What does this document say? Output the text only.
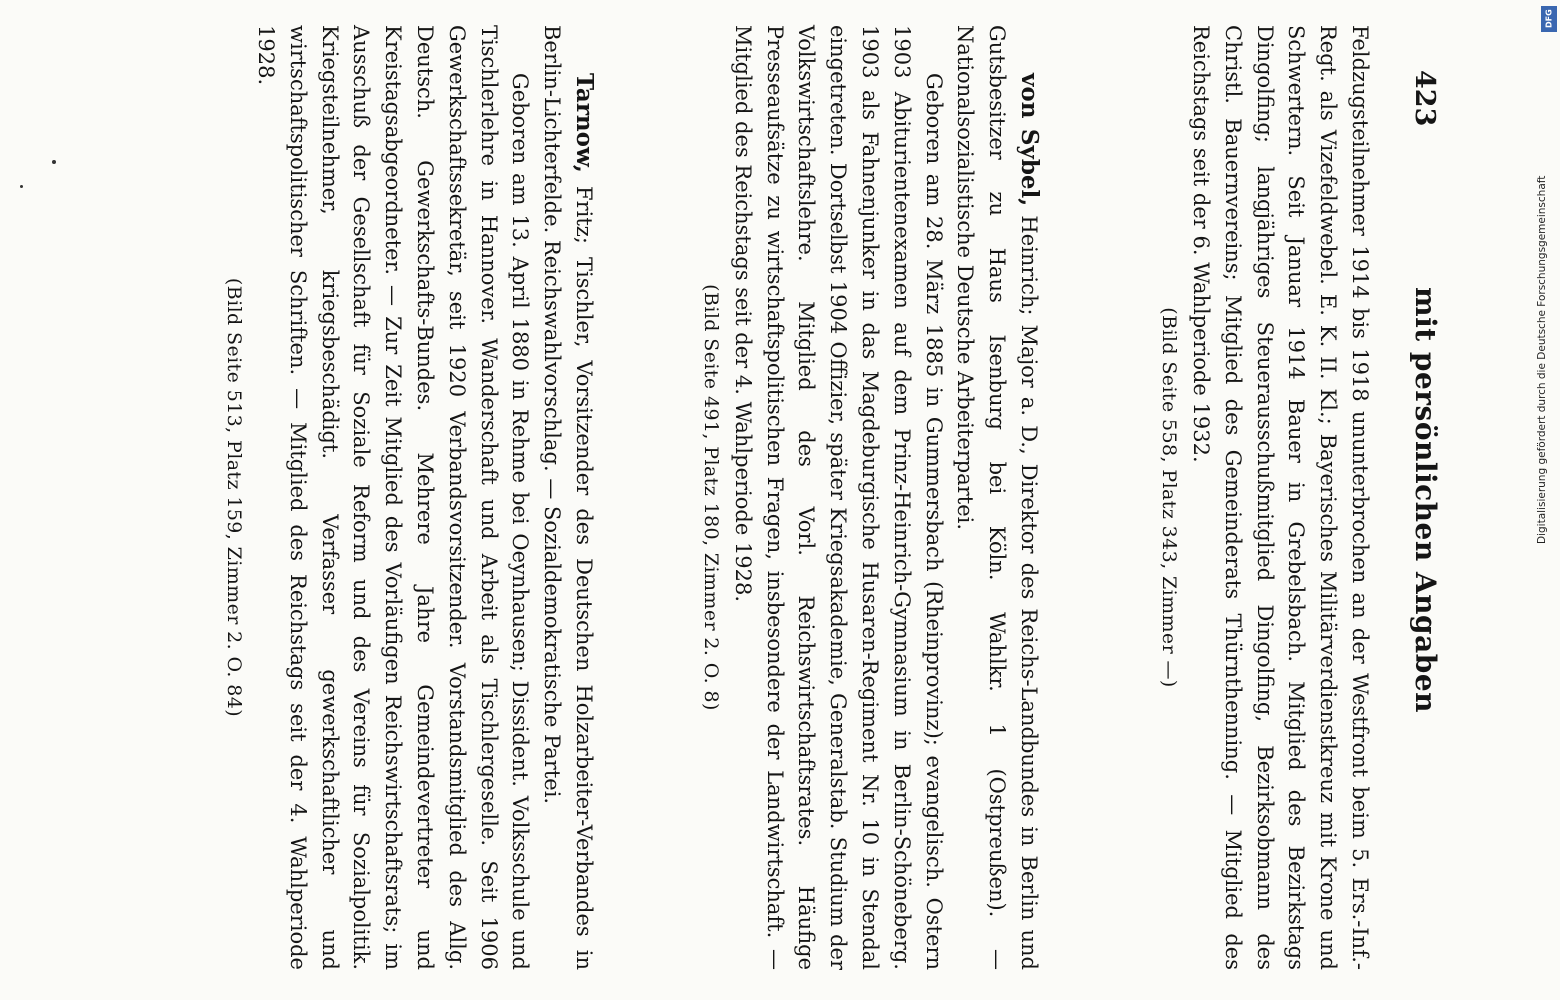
423
mit persönlichen Angaben

Feldzugsteilnehmer 1914 bis 1918 ununterbrochen an der Westfront beim 5. Ers.-Inf.-Regt. als Vizefeldwebel. E. K. II. Kl.; Bayerisches Militärverdienstkreuz mit Krone und Schwertern. Seit Januar 1914 Bauer in Grebelsbach. Mitglied des Bezirkstags Dingolfing; langjähriges Steuerausschußmitglied Dingolfing, Bezirksobmann des Christl. Bauernvereins; Mitglied des Gemeinderats Thürnthenning. — Mitglied des Reichstags seit der 6. Wahlperiode 1932.

(Bild Seite 558, Platz 343, Zimmer —)

von Sybel, Heinrich; Major a. D., Direktor des Reichs-Landbundes in Berlin und Gutsbesitzer zu Haus Isenburg bei Köln. Wahlkr. 1 (Ostpreußen). — Nationalsozialistische Deutsche Arbeiterpartei.

Geboren am 28. März 1885 in Gummersbach (Rheinprovinz); evangelisch. Ostern 1903 Abiturientenexamen auf dem Prinz-Heinrich-Gymnasium in Berlin-Schöneberg. 1903 als Fahnenjunker in das Magdeburgische Husaren-Regiment Nr. 10 in Stendal eingetreten. Dortselbst 1904 Offizier, später Kriegsakademie, Generalstab. Studium der Volkswirtschaftslehre. Mitglied des Vorl. Reichswirtschaftsrates. Häufige Presseaufsätze zu wirtschaftspolitischen Fragen, insbesondere der Landwirtschaft. — Mitglied des Reichstags seit der 4. Wahlperiode 1928.

(Bild Seite 491, Platz 180, Zimmer 2. O. 8)

Tarnow, Fritz; Tischler, Vorsitzender des Deutschen Holzarbeiter-Verbandes in Berlin-Lichterfelde. Reichswahlvorschlag. — Sozialdemokratische Partei.

Geboren am 13. April 1880 in Rehme bei Oeynhausen; Dissident. Volksschule und Tischlerlehre in Hannover. Wanderschaft und Arbeit als Tischlergeselle. Seit 1906 Gewerkschaftssekretär, seit 1920 Verbandsvorsitzender. Vorstandsmitglied des Allg. Deutsch. Gewerkschafts-Bundes. Mehrere Jahre Gemeindevertreter und Kreistagsabgeordneter. — Zur Zeit Mitglied des Vorläufigen Reichswirtschaftsrats; im Ausschuß der Gesellschaft für Soziale Reform und des Vereins für Sozialpolitik. Kriegsteilnehmer, kriegsbeschädigt. Verfasser gewerkschaftlicher und wirtschaftspolitischer Schriften. — Mitglied des Reichstags seit der 4. Wahlperiode 1928.

(Bild Seite 513, Platz 159, Zimmer 2. O. 84)

DFG
Digitalisierung gefördert durch die Deutsche Forschungsgemeinschaft
